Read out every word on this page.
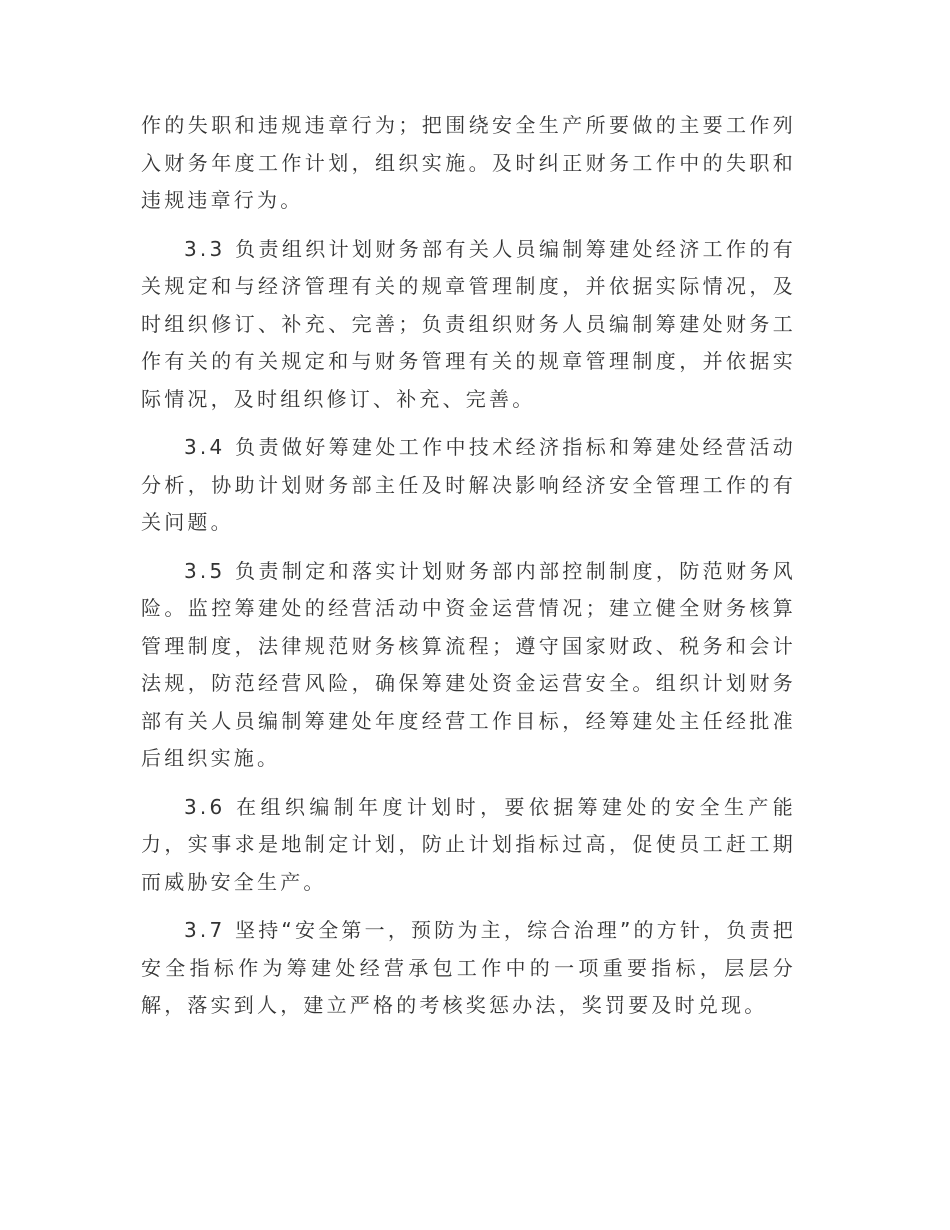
作的失职和违规违章行为；把围绕安全生产所要做的主要工作列入财务年度工作计划，组织实施。及时纠正财务工作中的失职和违规违章行为。

3.3 负责组织计划财务部有关人员编制筹建处经济工作的有关规定和与经济管理有关的规章管理制度，并依据实际情况，及时组织修订、补充、完善；负责组织财务人员编制筹建处财务工作有关的有关规定和与财务管理有关的规章管理制度，并依据实际情况，及时组织修订、补充、完善。

3.4 负责做好筹建处工作中技术经济指标和筹建处经营活动分析，协助计划财务部主任及时解决影响经济安全管理工作的有关问题。

3.5 负责制定和落实计划财务部内部控制制度，防范财务风险。监控筹建处的经营活动中资金运营情况；建立健全财务核算管理制度，法律规范财务核算流程；遵守国家财政、税务和会计法规，防范经营风险，确保筹建处资金运营安全。组织计划财务部有关人员编制筹建处年度经营工作目标，经筹建处主任经批准后组织实施。

3.6 在组织编制年度计划时，要依据筹建处的安全生产能力，实事求是地制定计划，防止计划指标过高，促使员工赶工期而威胁安全生产。

3.7 坚持“安全第一，预防为主，综合治理”的方针，负责把安全指标作为筹建处经营承包工作中的一项重要指标，层层分解，落实到人，建立严格的考核奖惩办法，奖罚要及时兑现。
